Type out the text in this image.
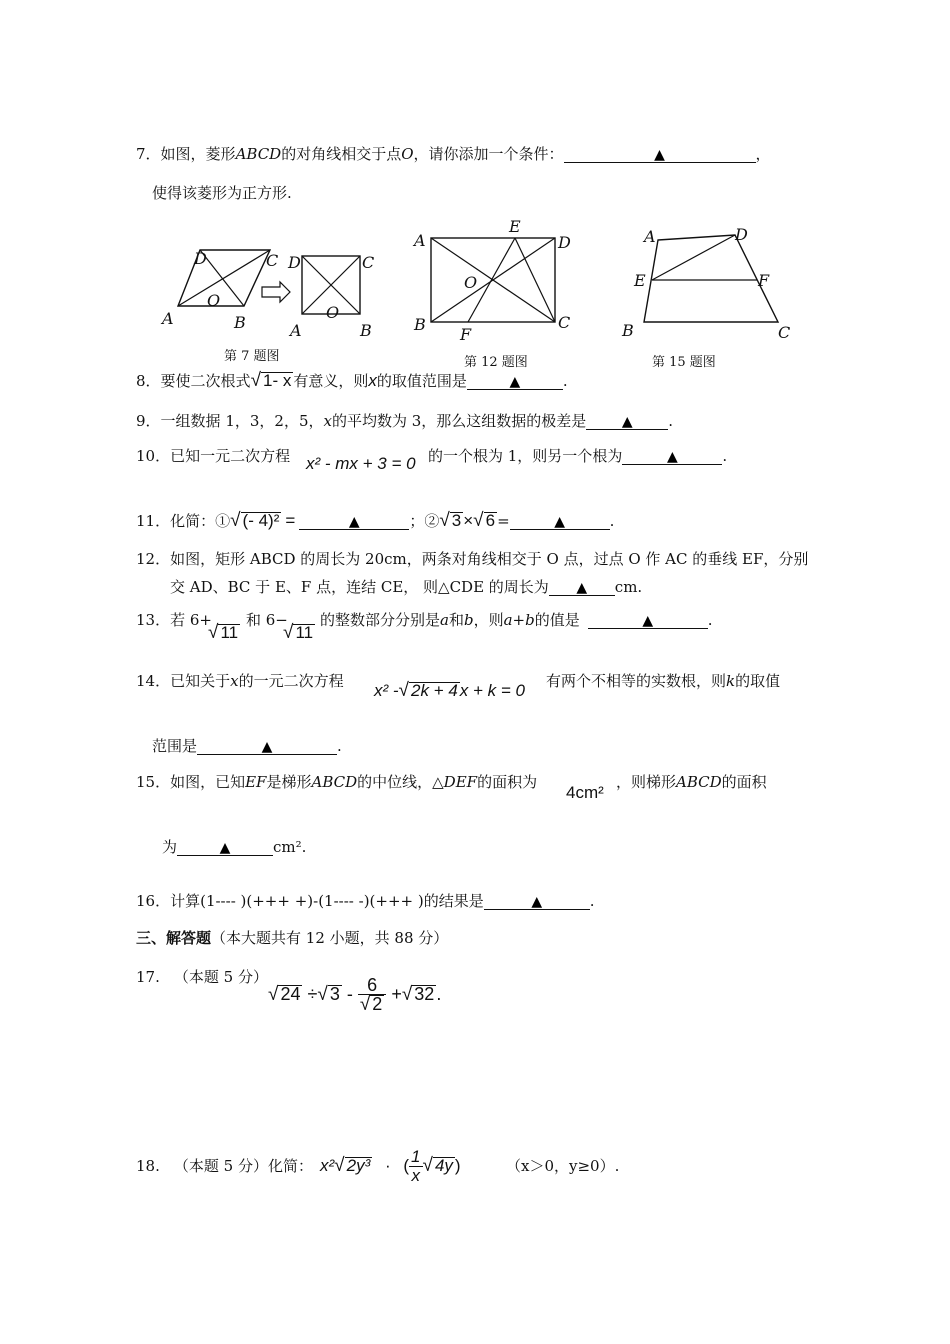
7．如图，菱形ABCD的对角线相交于点O，请你添加一个条件：	▲	，
使得该菱形为正方形.
A	B
C
D
O
A	B
C
D
O
第 7 题图
A
B	C
D
E
F
O
第 12 题图
A
B	C
D
E	F
第 15 题图
8．要使二次根式√ 1- x 有意义，则x的取值范围是	▲	.
9．一组数据 1，3，2，5，x的平均数为 3，那么这组数据的极差是	▲ .
10．已知一元二次方程 x² - mx + 3 = 0 的一个根为 1，则另一个根为	▲	.
11．化简：①√ (- 4)² =	▲	；②√ 3 ×√ 6 =	▲	.
12．如图，矩形 ABCD 的周长为 20cm，两条对角线相交于 O 点，过点 O 作 AC 的垂线 EF，分别
交 AD、BC 于 E、F 点，连结 CE， 则△CDE 的周长为 ▲ cm.
13．若 6+
√ 11
和 6−
√ 11
的整数部分分别是a和b，则a+b的值是	▲	.
14．已知关于x的一元二次方程 x² -√ 2k + 4 x + k = 0 有两个不相等的实数根，则k的取值
范围是	▲	.
15．如图，已知EF是梯形ABCD的中位线，△DEF的面积为
4cm²
，则梯形ABCD的面积
为	▲	cm².
16．计算(1---- )(+++ +)-(1---- -)(+++ )的结果是	▲	.
三、解答题（本大题共有 12 小题，共 88 分）
17. （本题 5 分）
√ 24 ÷√ $3 - \frac{6}{√ 2}$ +√ 32 .
18. （本题 5 分）化简： x²√ 2y³ · ( $\frac{1}{x}$ √ 4y )	（x＞0，y≥0）.
